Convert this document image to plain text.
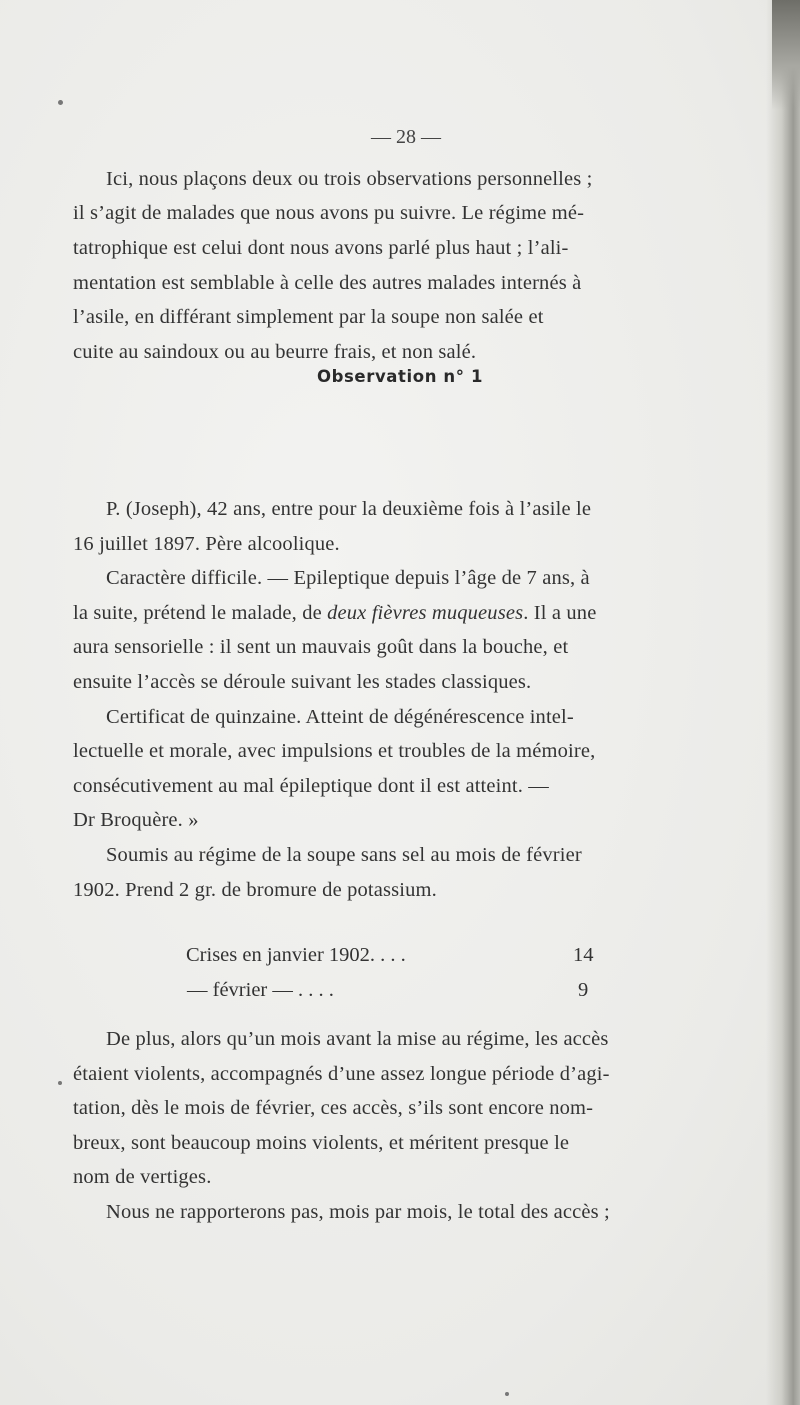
— 28 —
Ici, nous plaçons deux ou trois observations personnelles ;
il s’agit de malades que nous avons pu suivre. Le régime mé-
tatrophique est celui dont nous avons parlé plus haut ; l’ali-
mentation est semblable à celle des autres malades internés à
l’asile, en différant simplement par la soupe non salée et
cuite au saindoux ou au beurre frais, et non salé.
Observation n° 1
P. (Joseph), 42 ans, entre pour la deuxième fois à l’asile le
16 juillet 1897. Père alcoolique.
Caractère difficile. — Epileptique depuis l’âge de 7 ans, à
la suite, prétend le malade, de deux fièvres muqueuses. Il a une
aura sensorielle : il sent un mauvais goût dans la bouche, et
ensuite l’accès se déroule suivant les stades classiques.
Certificat de quinzaine. Atteint de dégénérescence intel-
lectuelle et morale, avec impulsions et troubles de la mémoire,
consécutivement au mal épileptique dont il est atteint. —
Dr Broquère. »
Soumis au régime de la soupe sans sel au mois de février
1902. Prend 2 gr. de bromure de potassium.
Crises en janvier 1902. . . .	14
— février — . . . .	9
De plus, alors qu’un mois avant la mise au régime, les accès
étaient violents, accompagnés d’une assez longue période d’agi-
tation, dès le mois de février, ces accès, s’ils sont encore nom-
breux, sont beaucoup moins violents, et méritent presque le
nom de vertiges.
Nous ne rapporterons pas, mois par mois, le total des accès ;
